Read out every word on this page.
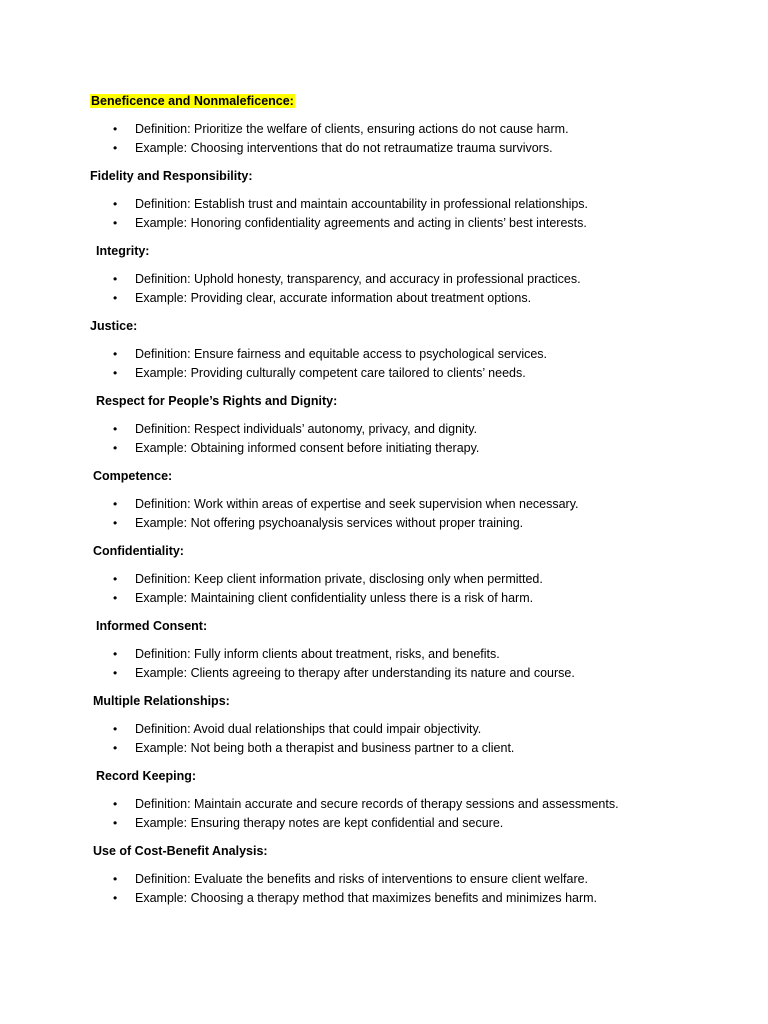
Beneficence and Nonmaleficence:
• Definition: Prioritize the welfare of clients, ensuring actions do not cause harm.
• Example: Choosing interventions that do not retraumatize trauma survivors.
Fidelity and Responsibility:
• Definition: Establish trust and maintain accountability in professional relationships.
• Example: Honoring confidentiality agreements and acting in clients’ best interests.
Integrity:
• Definition: Uphold honesty, transparency, and accuracy in professional practices.
• Example: Providing clear, accurate information about treatment options.
Justice:
• Definition: Ensure fairness and equitable access to psychological services.
• Example: Providing culturally competent care tailored to clients’ needs.
Respect for People’s Rights and Dignity:
• Definition: Respect individuals’ autonomy, privacy, and dignity.
• Example: Obtaining informed consent before initiating therapy.
Competence:
• Definition: Work within areas of expertise and seek supervision when necessary.
• Example: Not offering psychoanalysis services without proper training.
Confidentiality:
• Definition: Keep client information private, disclosing only when permitted.
• Example: Maintaining client confidentiality unless there is a risk of harm.
Informed Consent:
• Definition: Fully inform clients about treatment, risks, and benefits.
• Example: Clients agreeing to therapy after understanding its nature and course.
Multiple Relationships:
• Definition: Avoid dual relationships that could impair objectivity.
• Example: Not being both a therapist and business partner to a client.
Record Keeping:
• Definition: Maintain accurate and secure records of therapy sessions and assessments.
• Example: Ensuring therapy notes are kept confidential and secure.
Use of Cost-Benefit Analysis:
• Definition: Evaluate the benefits and risks of interventions to ensure client welfare.
• Example: Choosing a therapy method that maximizes benefits and minimizes harm.
